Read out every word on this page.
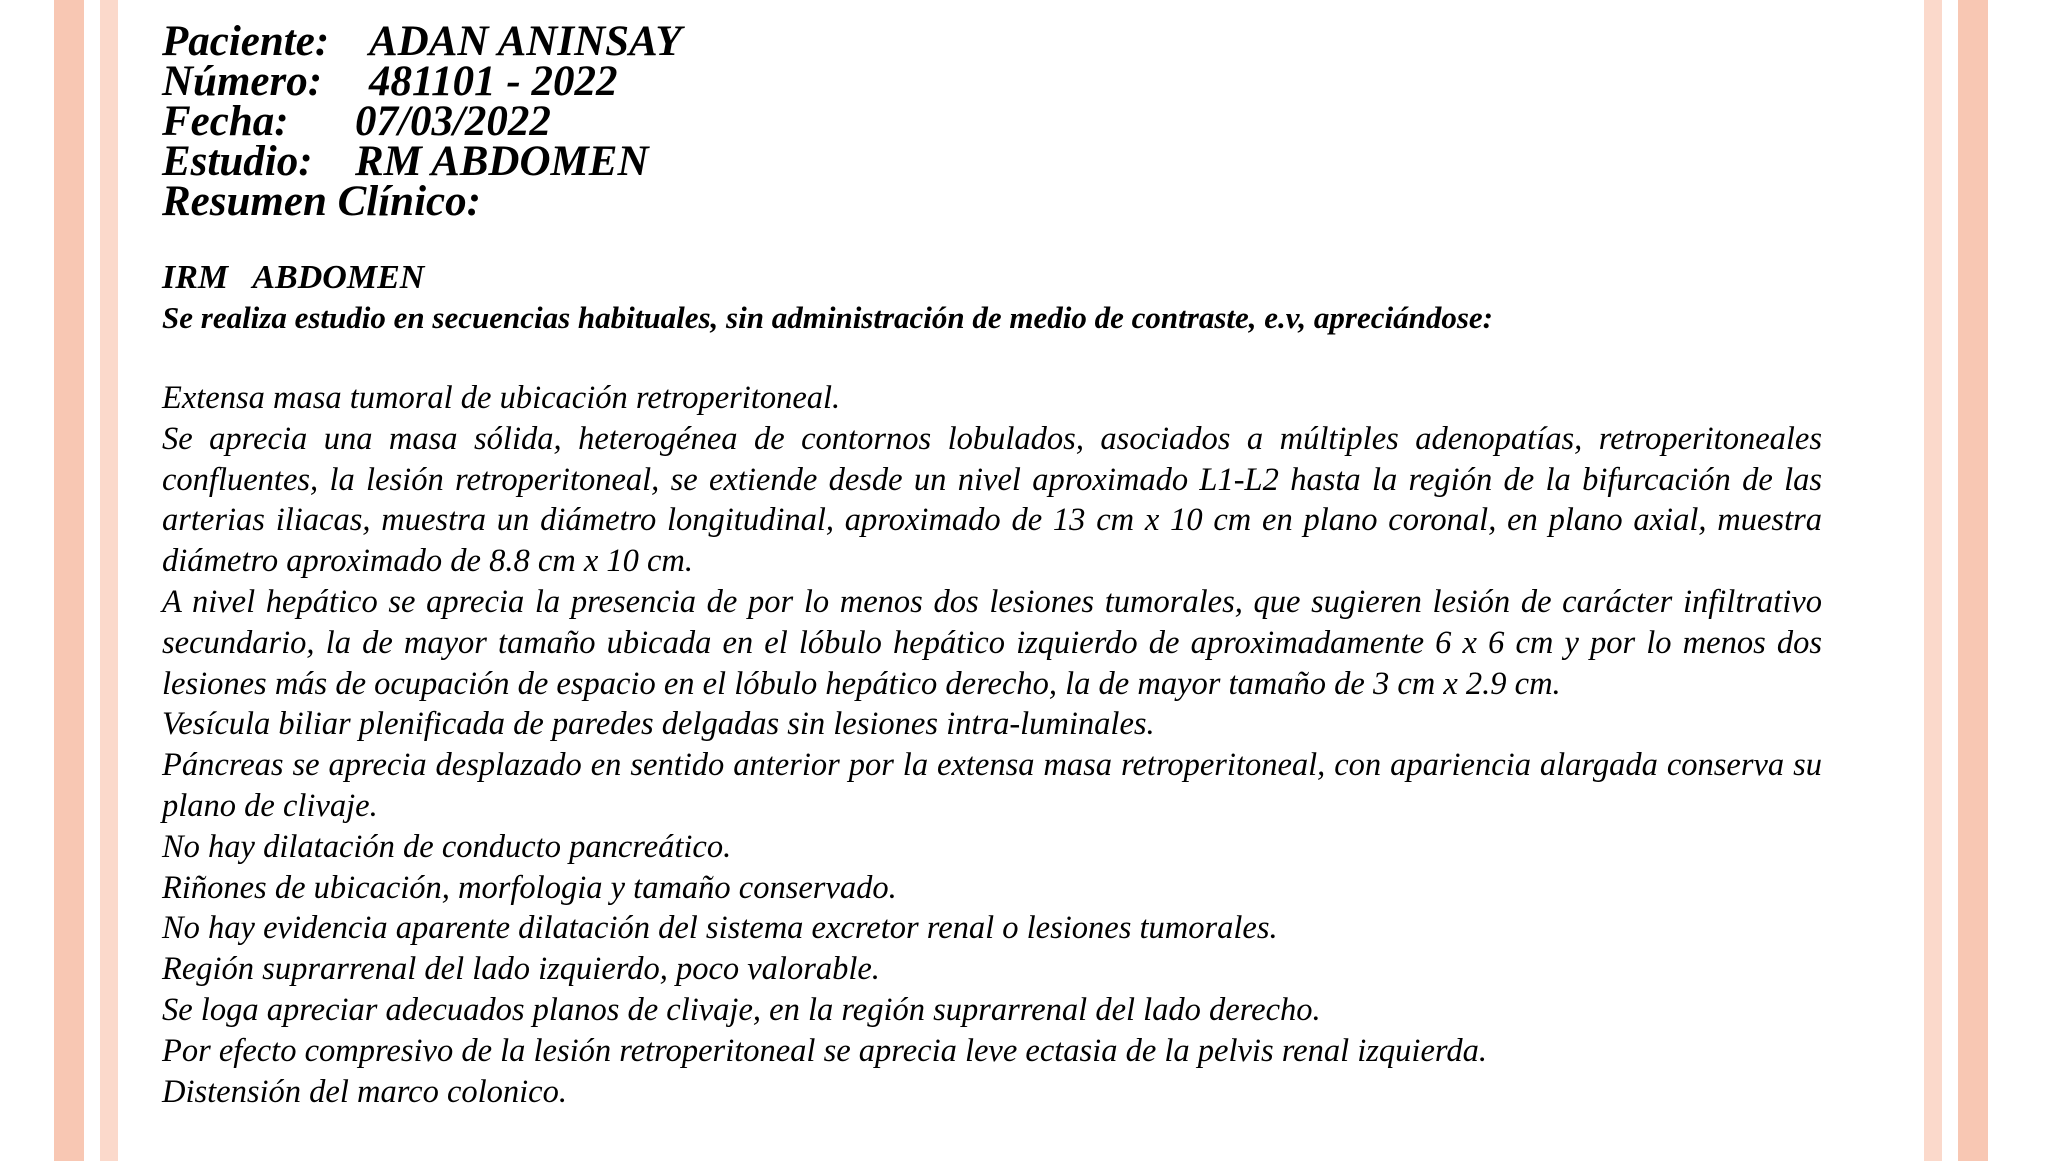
Paciente: ADAN ANINSAY
Número: 481101 - 2022
Fecha: 07/03/2022
Estudio: RM ABDOMEN
Resumen Clínico:
IRM   ABDOMEN
Se realiza estudio en secuencias habituales, sin administración de medio de contraste, e.v, apreciándose:

Extensa masa tumoral de ubicación retroperitoneal.

Se aprecia una masa sólida, heterogénea de contornos lobulados, asociados a múltiples adenopatías, retroperitoneales confluentes, la lesión retroperitoneal, se extiende desde un nivel aproximado L1-L2 hasta la región de la bifurcación de las arterias iliacas, muestra un diámetro longitudinal, aproximado de 13 cm x 10 cm en plano coronal, en plano axial, muestra diámetro aproximado de 8.8 cm x 10 cm.

A nivel hepático se aprecia la presencia de por lo menos dos lesiones tumorales, que sugieren lesión de carácter infiltrativo secundario, la de mayor tamaño ubicada en el lóbulo hepático izquierdo de aproximadamente 6 x 6 cm y por lo menos dos lesiones más de ocupación de espacio en el lóbulo hepático derecho, la de mayor tamaño de 3 cm x 2.9 cm.

Vesícula biliar plenificada de paredes delgadas sin lesiones intra-luminales.

Páncreas se aprecia desplazado en sentido anterior por la extensa masa retroperitoneal, con apariencia alargada conserva su plano de clivaje.

No hay dilatación de conducto pancreático.

Riñones de ubicación, morfologia y tamaño conservado.

No hay evidencia aparente dilatación del sistema excretor renal o lesiones tumorales.

Región suprarrenal del lado izquierdo, poco valorable.

Se loga apreciar adecuados planos de clivaje, en la región suprarrenal del lado derecho.

Por efecto compresivo de la lesión retroperitoneal se aprecia leve ectasia de la pelvis renal izquierda.

Distensión del marco colonico.
